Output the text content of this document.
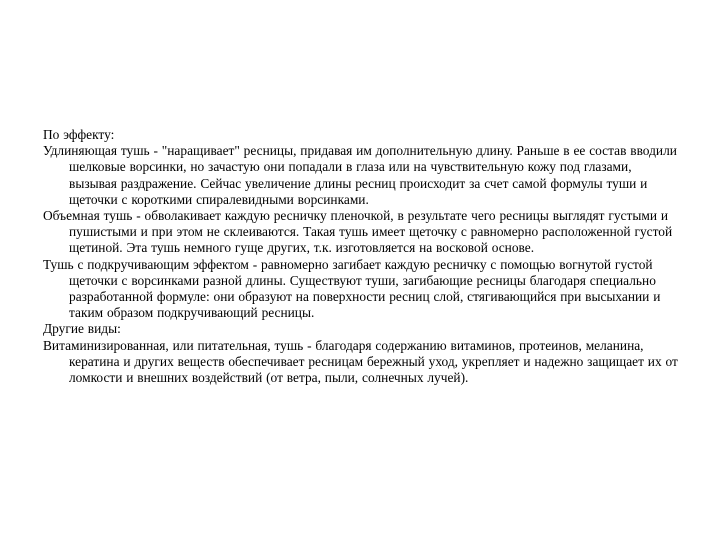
По эффекту:

Удлиняющая тушь - "наращивает" ресницы, придавая им дополнительную длину. Раньше в ее состав вводили шелковые ворсинки, но зачастую они попадали в глаза или на чувствительную кожу под глазами, вызывая раздражение. Сейчас увеличение длины ресниц происходит за счет самой формулы туши и щеточки с короткими спиралевидными ворсинками.

Объемная тушь - обволакивает каждую ресничку пленочкой, в результате чего ресницы выглядят густыми и пушистыми и при этом не склеиваются. Такая тушь имеет щеточку с равномерно расположенной густой щетиной. Эта тушь немного гуще других, т.к. изготовляется на восковой основе.

Тушь с подкручивающим эффектом - равномерно загибает каждую ресничку с помощью вогнутой густой щеточки с ворсинками разной длины. Существуют туши, загибающие ресницы благодаря специально разработанной формуле: они образуют на поверхности ресниц слой, стягивающийся при высыхании и таким образом подкручивающий ресницы.

Другие виды:

Витаминизированная, или питательная, тушь - благодаря содержанию витаминов, протеинов, меланина, кератина и других веществ обеспечивает ресницам бережный уход, укрепляет и надежно защищает их от ломкости и внешних воздействий (от ветра, пыли, солнечных лучей).
